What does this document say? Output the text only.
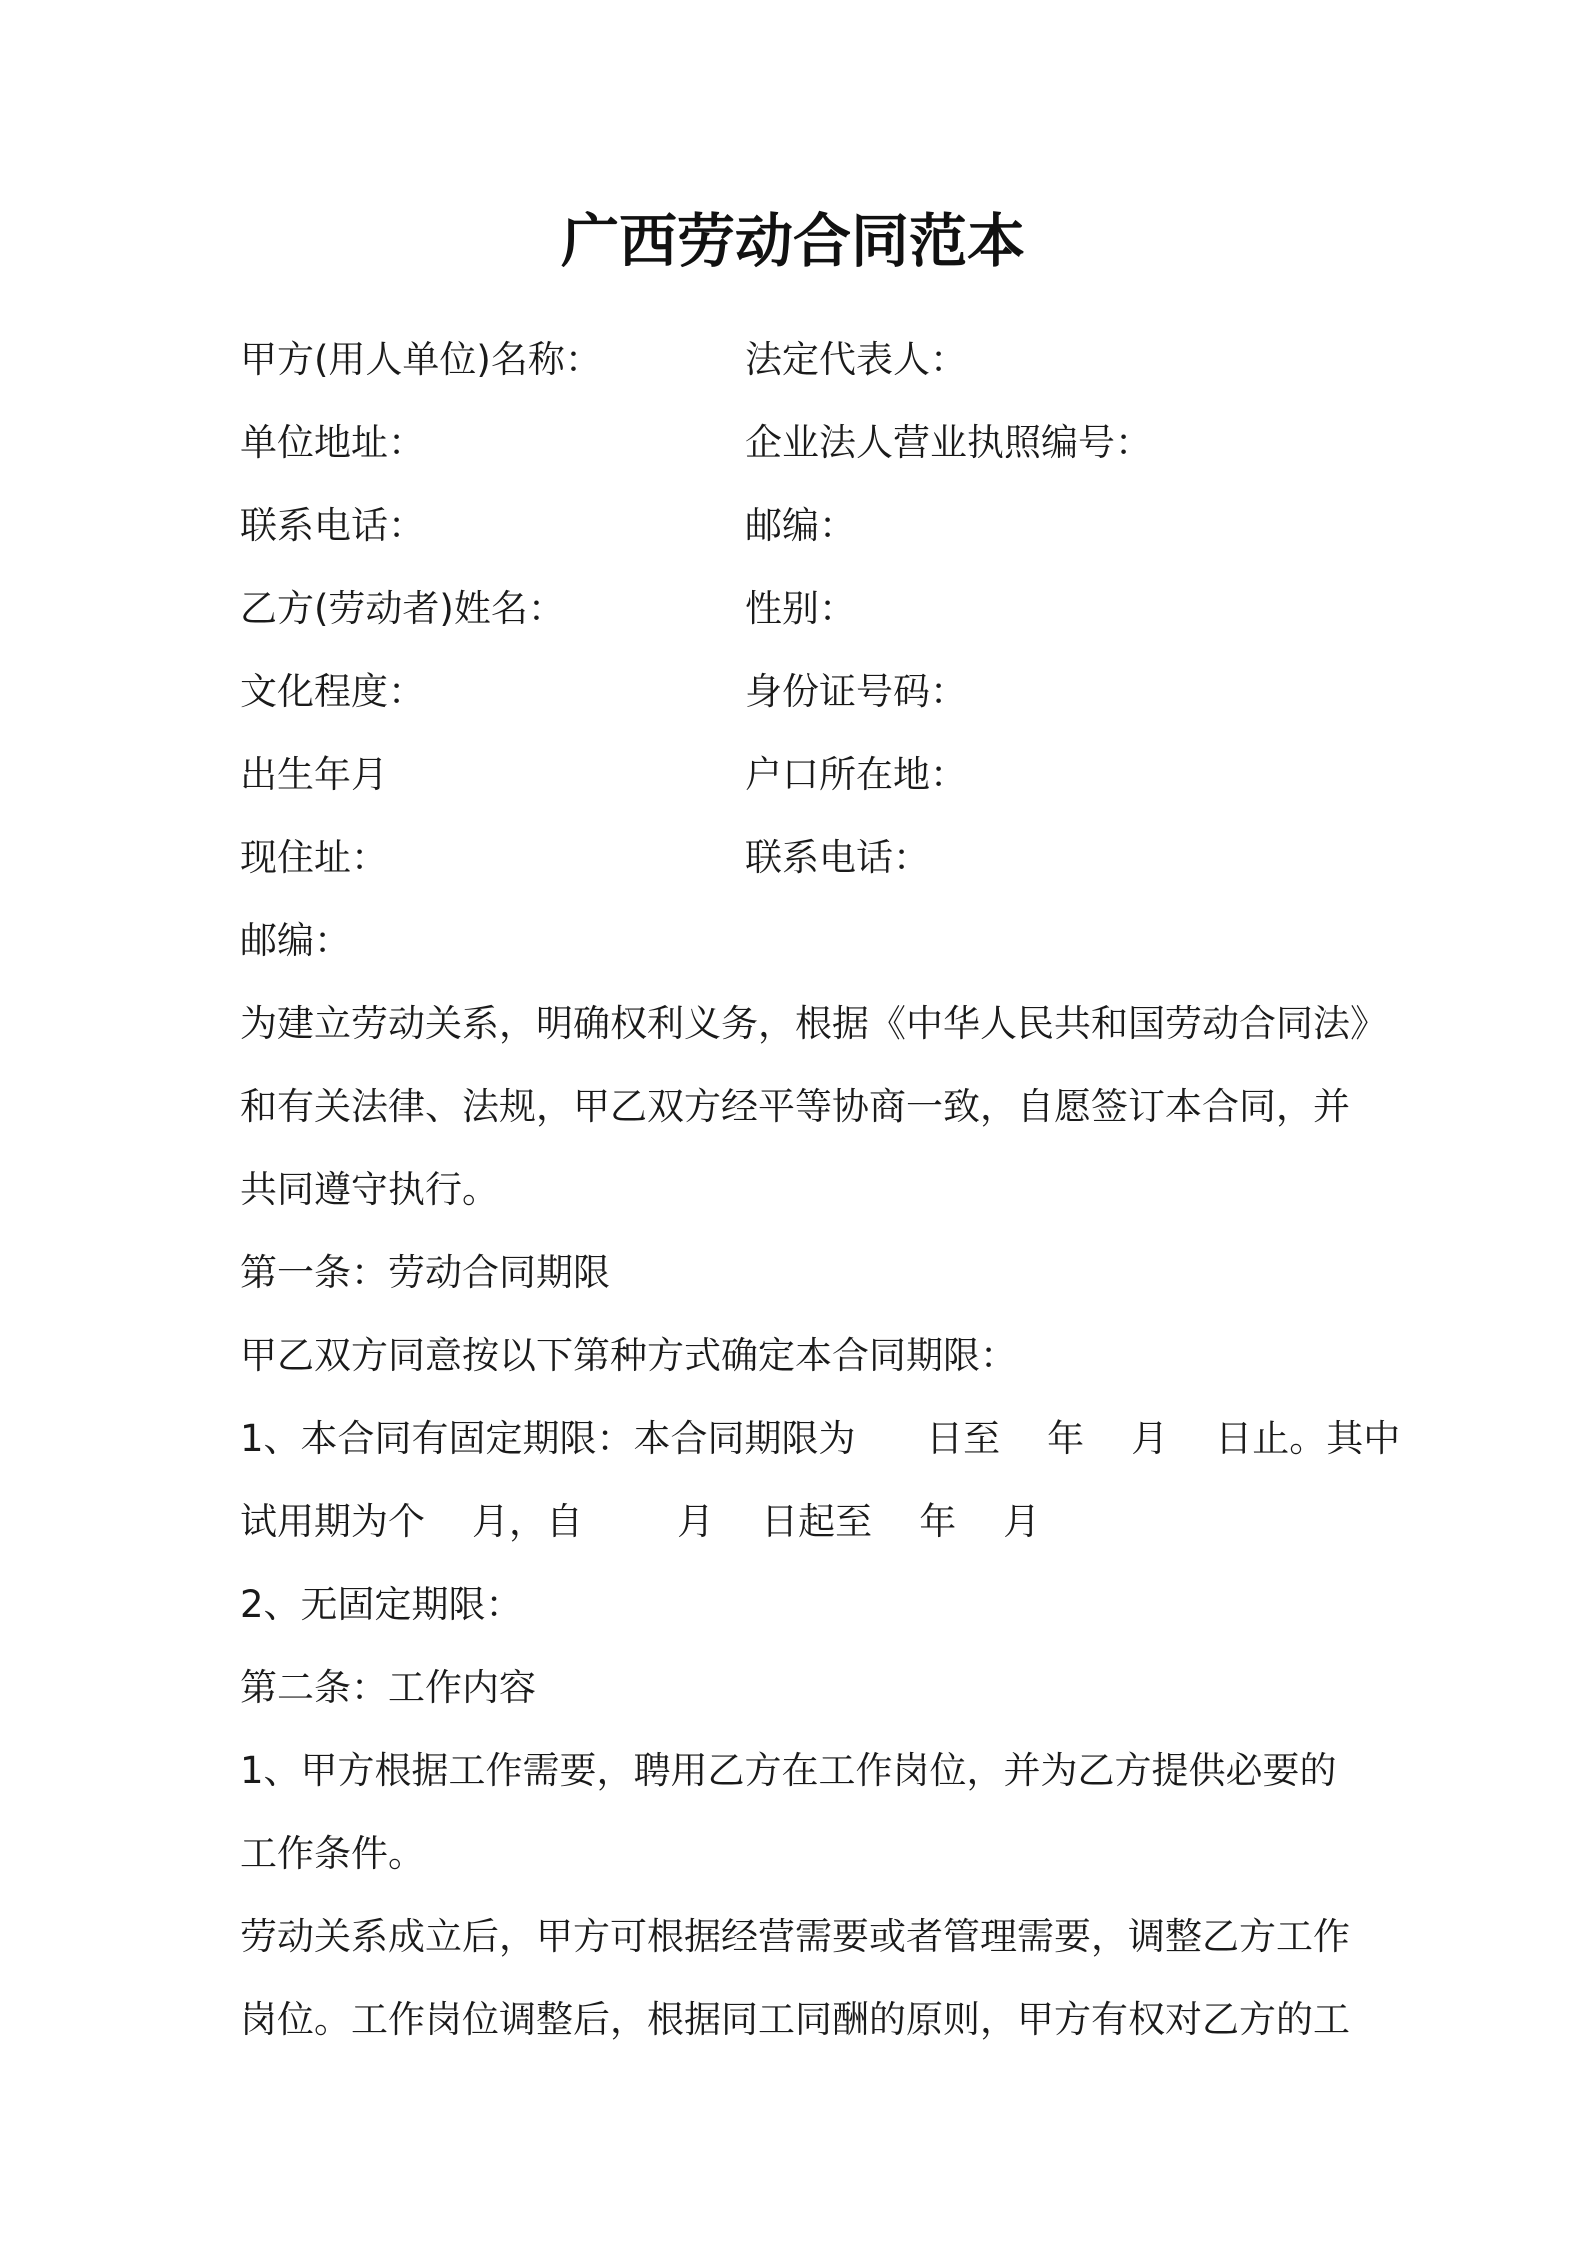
广西劳动合同范本
甲方(用人单位)名称：	法定代表人：
单位地址：	企业法人营业执照编号：
联系电话：	邮编：
乙方(劳动者)姓名：	性别：
文化程度：	身份证号码：
出生年月	户口所在地：
现住址：	联系电话：
邮编：
为建立劳动关系，明确权利义务，根据《中华人民共和国劳动合同法》
和有关法律、法规，甲乙双方经平等协商一致，自愿签订本合同，并
共同遵守执行。
第一条：劳动合同期限
甲乙双方同意按以下第种方式确定本合同期限：
1、本合同有固定期限：本合同期限为      日至    年    月    日止。其中
试用期为个    月，自        月    日起至    年    月
2、无固定期限：
第二条：工作内容
1、甲方根据工作需要，聘用乙方在工作岗位，并为乙方提供必要的
工作条件。
劳动关系成立后，甲方可根据经营需要或者管理需要，调整乙方工作
岗位。工作岗位调整后，根据同工同酬的原则，甲方有权对乙方的工
